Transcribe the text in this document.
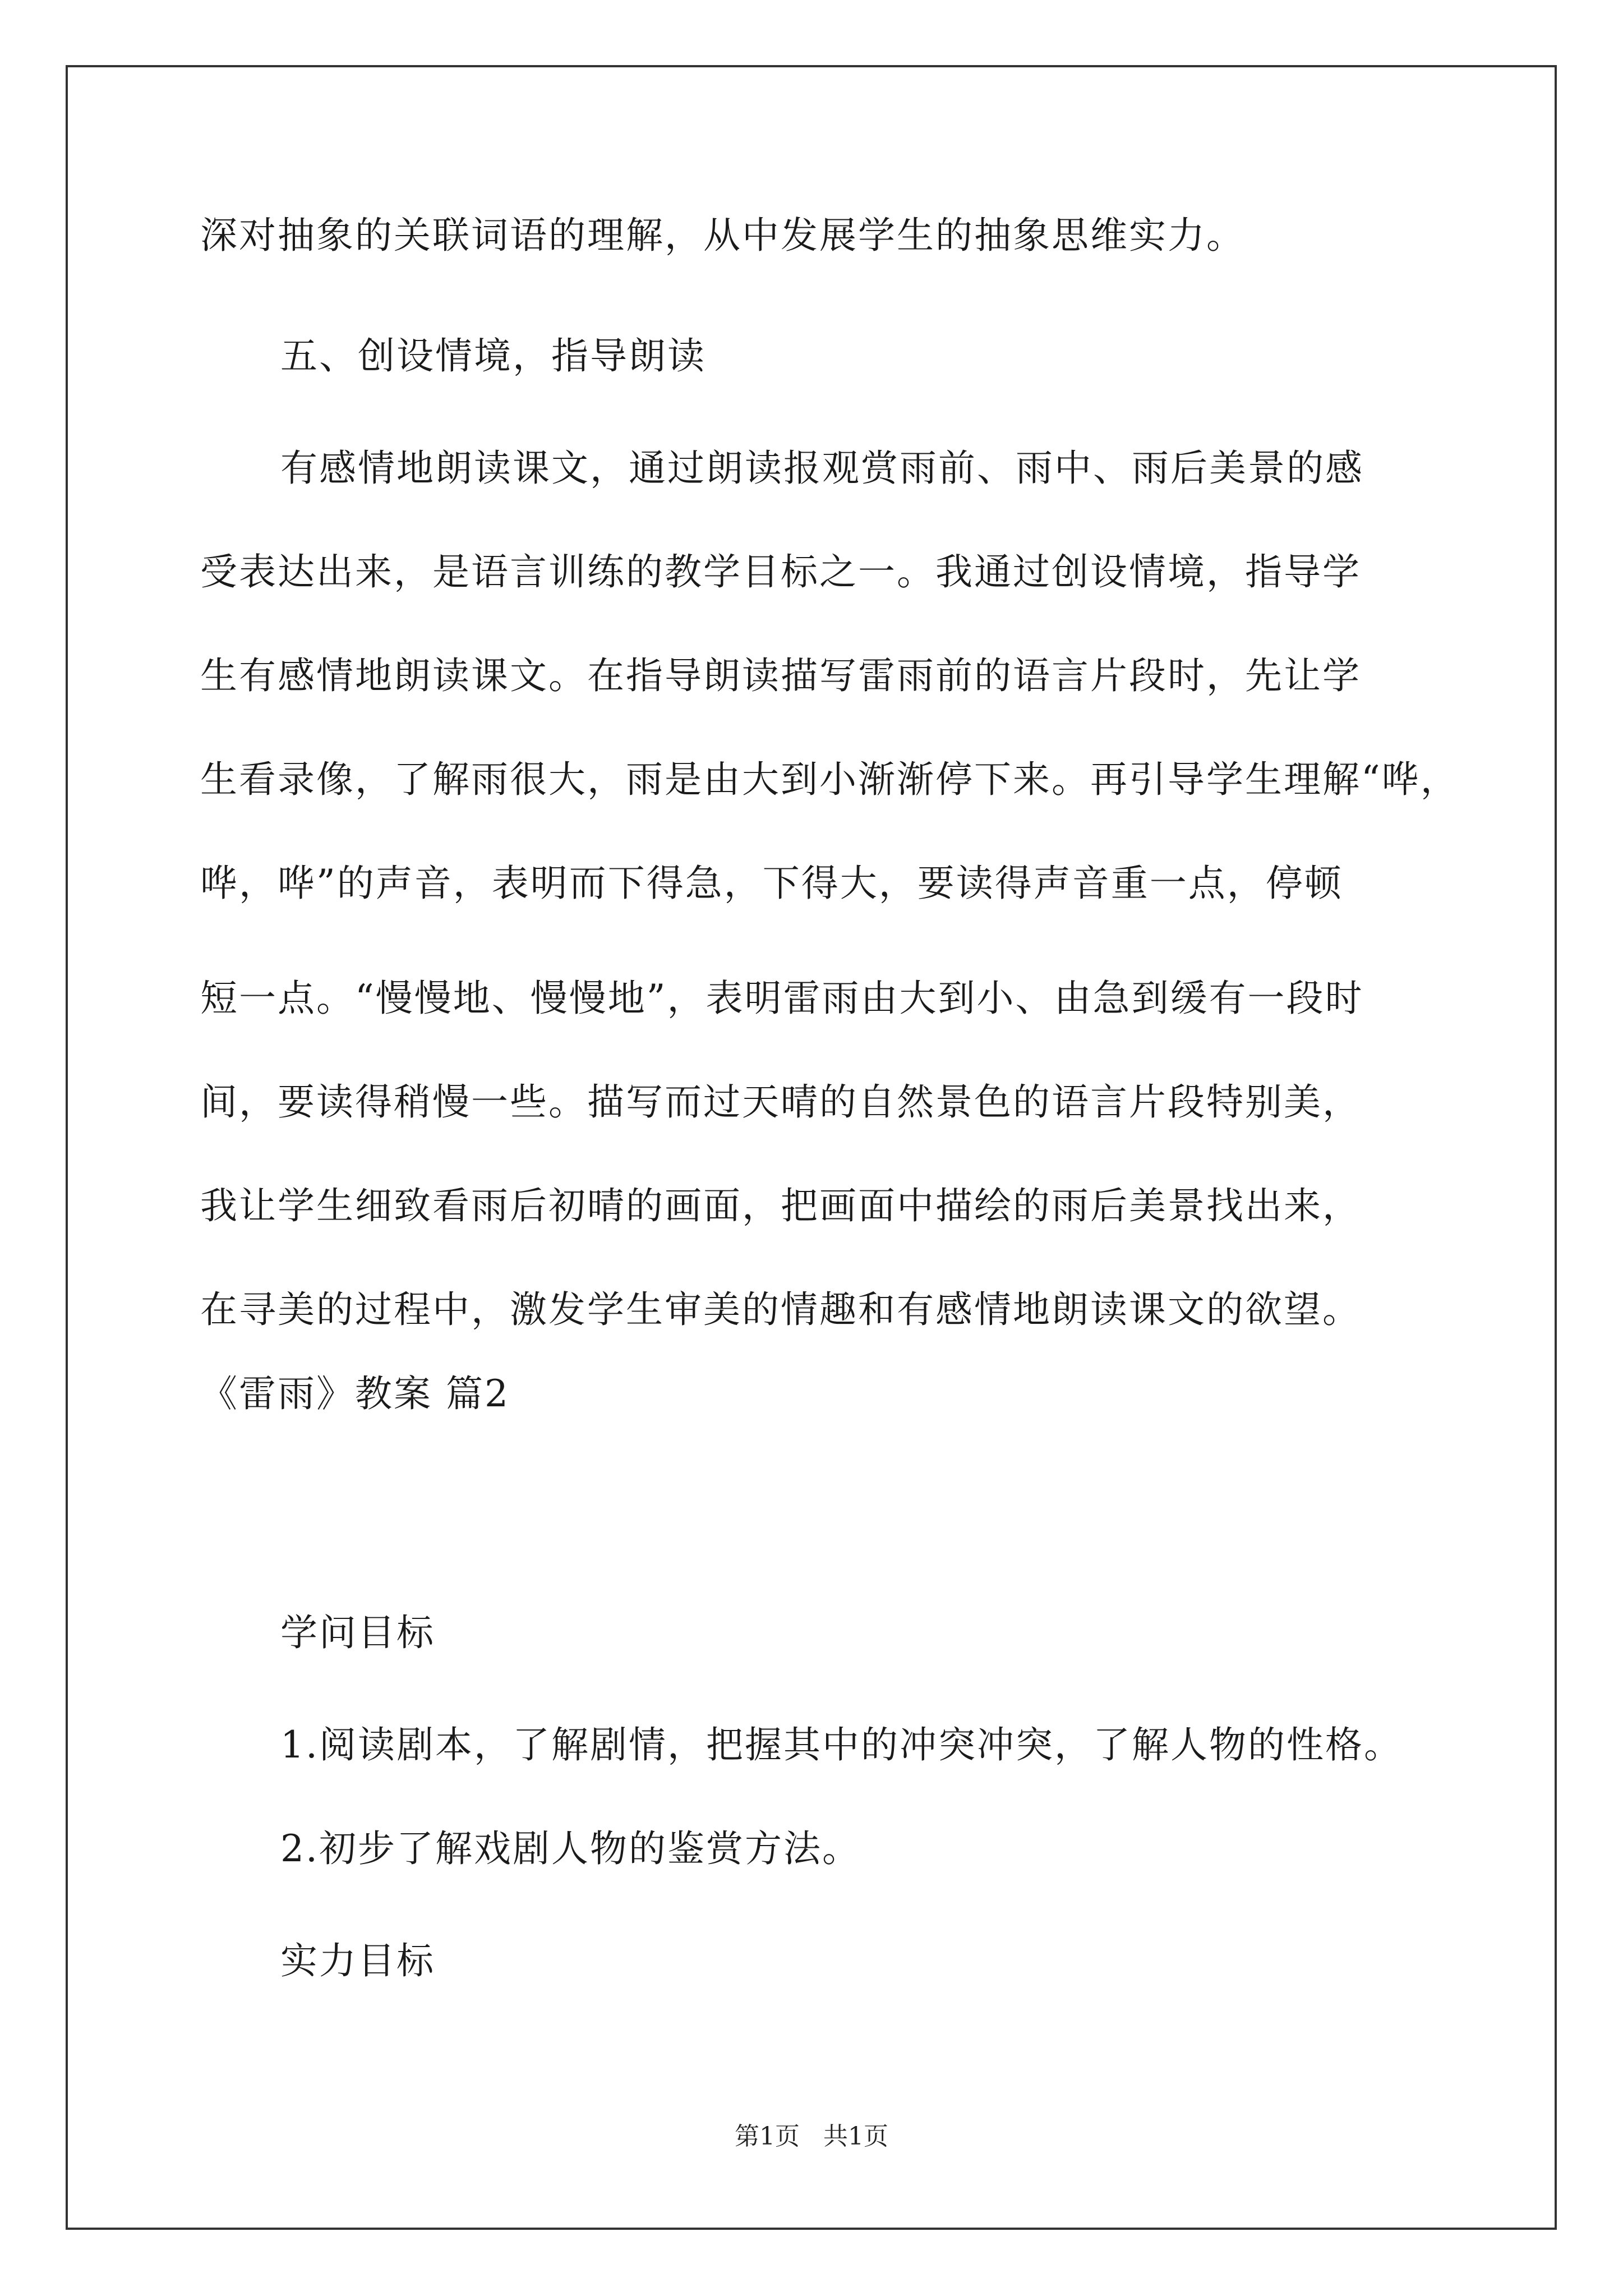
深对抽象的关联词语的理解，从中发展学生的抽象思维实力。
五、创设情境，指导朗读
有感情地朗读课文，通过朗读报观赏雨前、雨中、雨后美景的感
受表达出来，是语言训练的教学目标之一。我通过创设情境，指导学
生有感情地朗读课文。在指导朗读描写雷雨前的语言片段时，先让学
生看录像，了解雨很大，雨是由大到小渐渐停下来。再引导学生理解“哗，
哗，哗”的声音，表明而下得急，下得大，要读得声音重一点，停顿
短一点。“慢慢地、慢慢地”，表明雷雨由大到小、由急到缓有一段时
间，要读得稍慢一些。描写而过天晴的自然景色的语言片段特别美，
我让学生细致看雨后初晴的画面，把画面中描绘的雨后美景找出来，
在寻美的过程中，激发学生审美的情趣和有感情地朗读课文的欲望。
《雷雨》教案 篇2
学问目标
1.阅读剧本，了解剧情，把握其中的冲突冲突，了解人物的性格。
2.初步了解戏剧人物的鉴赏方法。
实力目标
第1页 共1页
